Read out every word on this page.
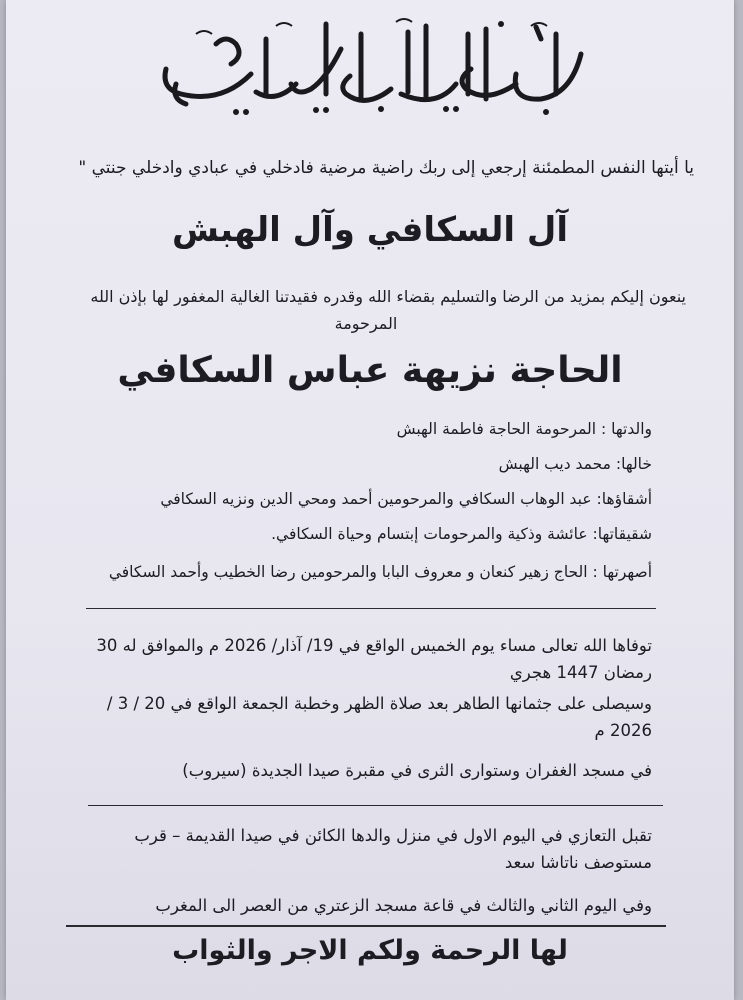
يا أيتها النفس المطمئنة إرجعي إلى ربك راضية مرضية فادخلي في عبادي وادخلي جنتي "
آل السكافي وآل الهبش
ينعون إليكم بمزيد من الرضا والتسليم بقضاء الله وقدره فقيدتنا الغالية المغفور لها بإذن الله
المرحومة
الحاجة نزيهة عباس السكافي
والدتها : المرحومة الحاجة فاطمة الهبش
خالها: محمد ديب الهبش
أشقاؤها: عبد الوهاب السكافي والمرحومين أحمد ومحي الدين ونزيه السكافي
شقيقاتها: عائشة وذكية والمرحومات إبتسام وحياة السكافي.
أصهرتها : الحاج زهير كنعان و معروف البابا والمرحومين رضا الخطيب وأحمد السكافي
توفاها الله تعالى مساء يوم الخميس الواقع في 19/ آذار/ 2026 م والموافق له 30 رمضان 1447 هجري
وسيصلى على جثمانها الطاهر بعد صلاة الظهر وخطبة الجمعة الواقع في 20 / 3 / 2026 م
في مسجد الغفران وستوارى الثرى في مقبرة صيدا الجديدة (سيروب)
تقبل التعازي في اليوم الاول في منزل والدها الكائن في صيدا القديمة – قرب مستوصف ناتاشا سعد
وفي اليوم الثاني والثالث في قاعة مسجد الزعتري من العصر الى المغرب
لها الرحمة ولكم الاجر والثواب
